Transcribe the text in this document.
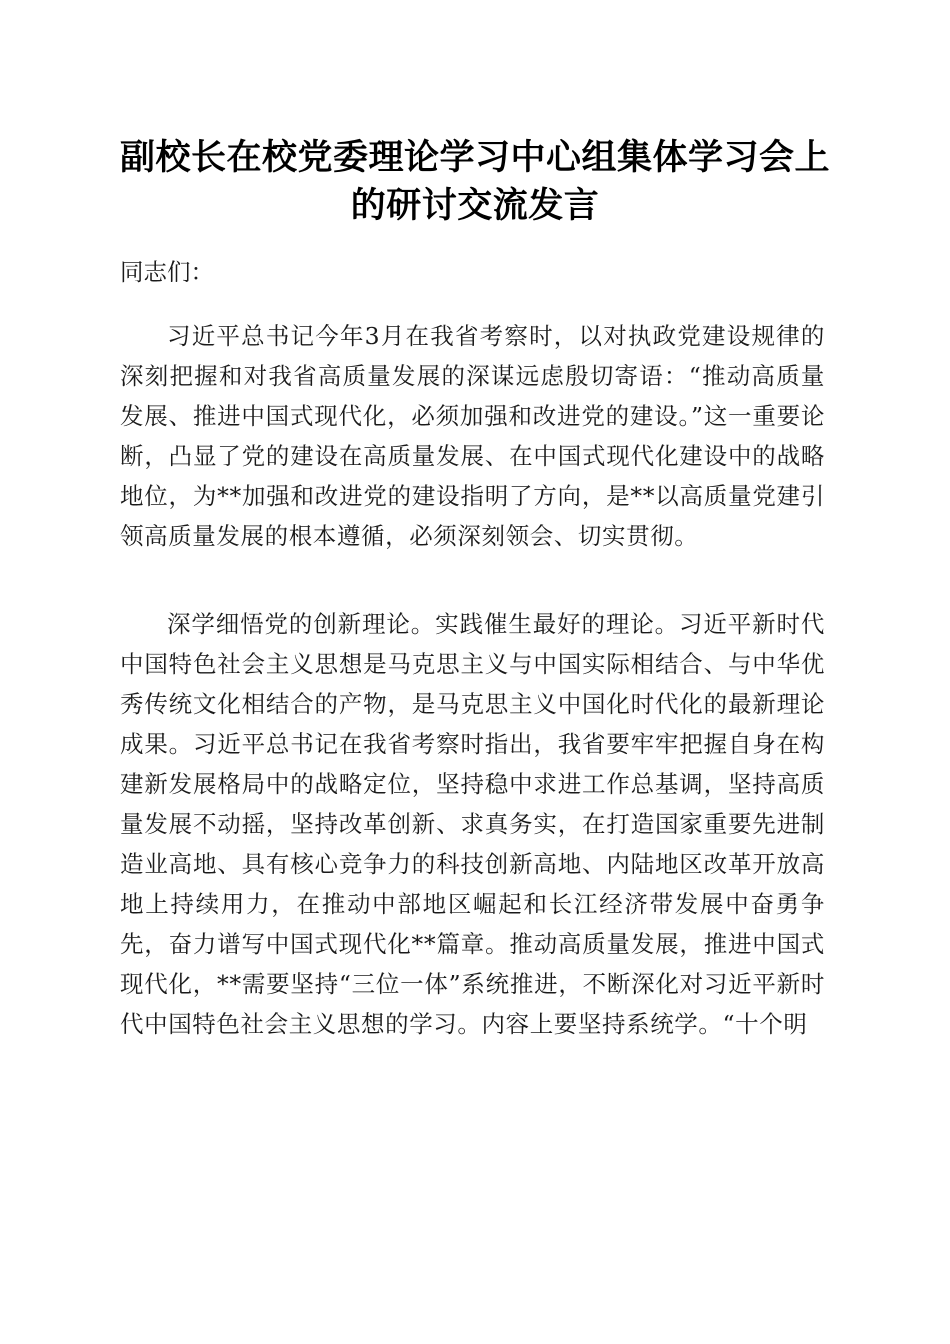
副校长在校党委理论学习中心组集体学习会上
的研讨交流发言
同志们：
习近平总书记今年3月在我省考察时，以对执政党建设规律的深刻把握和对我省高质量发展的深谋远虑殷切寄语：“推动高质量发展、推进中国式现代化，必须加强和改进党的建设。”这一重要论断，凸显了党的建设在高质量发展、在中国式现代化建设中的战略地位，为**加强和改进党的建设指明了方向，是**以高质量党建引领高质量发展的根本遵循，必须深刻领会、切实贯彻。
深学细悟党的创新理论。实践催生最好的理论。习近平新时代中国特色社会主义思想是马克思主义与中国实际相结合、与中华优秀传统文化相结合的产物，是马克思主义中国化时代化的最新理论成果。习近平总书记在我省考察时指出，我省要牢牢把握自身在构建新发展格局中的战略定位，坚持稳中求进工作总基调，坚持高质量发展不动摇，坚持改革创新、求真务实，在打造国家重要先进制造业高地、具有核心竞争力的科技创新高地、内陆地区改革开放高地上持续用力，在推动中部地区崛起和长江经济带发展中奋勇争先，奋力谱写中国式现代化**篇章。推动高质量发展，推进中国式现代化，**需要坚持“三位一体”系统推进，不断深化对习近平新时代中国特色社会主义思想的学习。内容上要坚持系统学。“十个明
